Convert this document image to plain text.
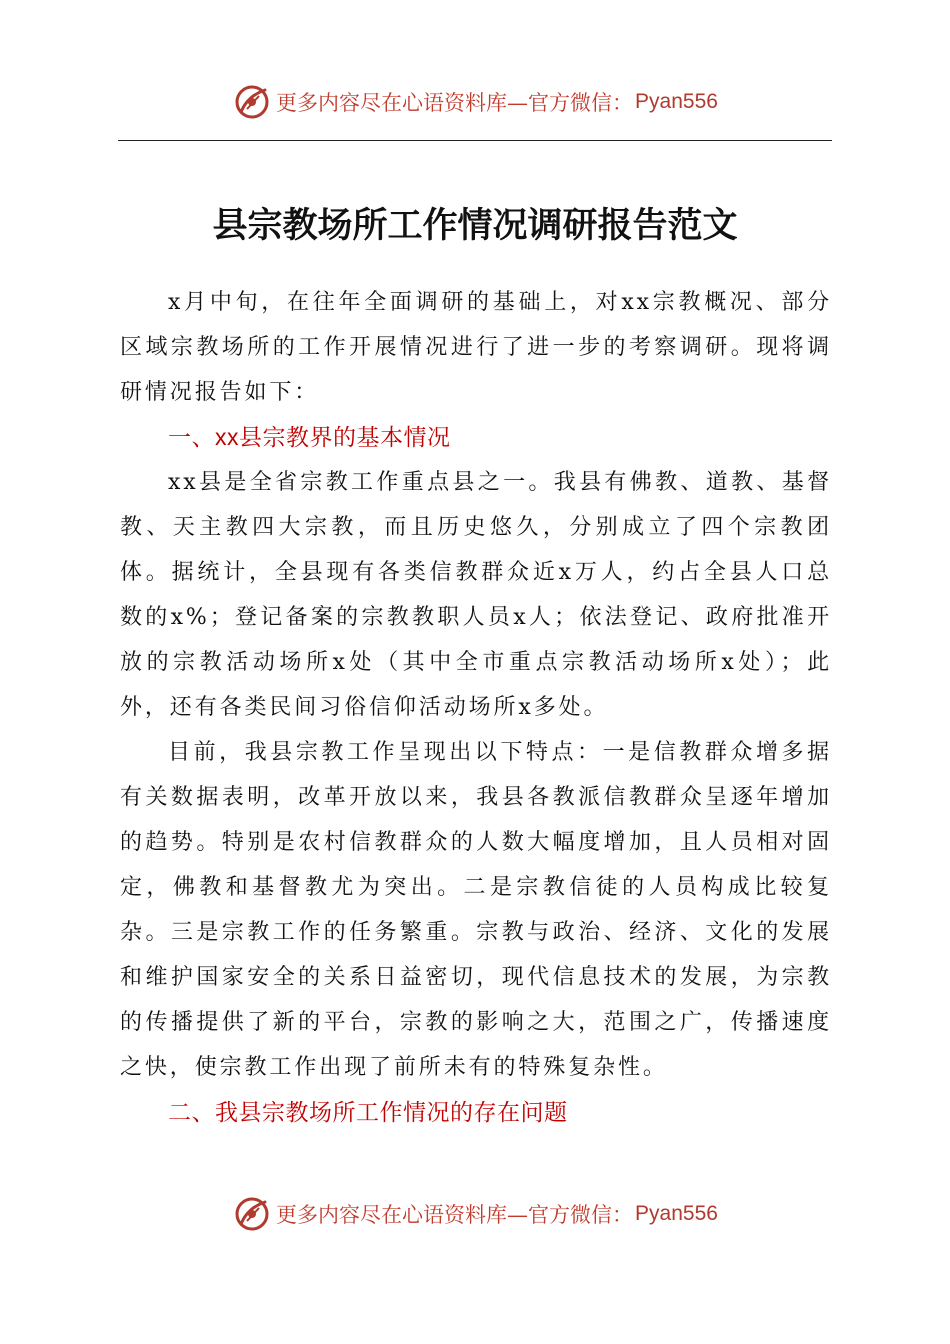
更多内容尽在心语资料库—官方微信： Pyan556
县宗教场所工作情况调研报告范文

x月中旬，在往年全面调研的基础上，对xx宗教概况、部分区域宗教场所的工作开展情况进行了进一步的考察调研。现将调研情况报告如下：

一、xx县宗教界的基本情况

xx县是全省宗教工作重点县之一。我县有佛教、道教、基督教、天主教四大宗教，而且历史悠久，分别成立了四个宗教团体。据统计，全县现有各类信教群众近x万人，约占全县人口总数的x%；登记备案的宗教教职人员x人；依法登记、政府批准开放的宗教活动场所x处（其中全市重点宗教活动场所x处）；此外，还有各类民间习俗信仰活动场所x多处。

目前，我县宗教工作呈现出以下特点：一是信教群众增多据有关数据表明，改革开放以来，我县各教派信教群众呈逐年增加的趋势。特别是农村信教群众的人数大幅度增加，且人员相对固定，佛教和基督教尤为突出。二是宗教信徒的人员构成比较复杂。三是宗教工作的任务繁重。宗教与政治、经济、文化的发展和维护国家安全的关系日益密切，现代信息技术的发展，为宗教的传播提供了新的平台，宗教的影响之大，范围之广，传播速度之快，使宗教工作出现了前所未有的特殊复杂性。

二、我县宗教场所工作情况的存在问题

更多内容尽在心语资料库—官方微信： Pyan556
